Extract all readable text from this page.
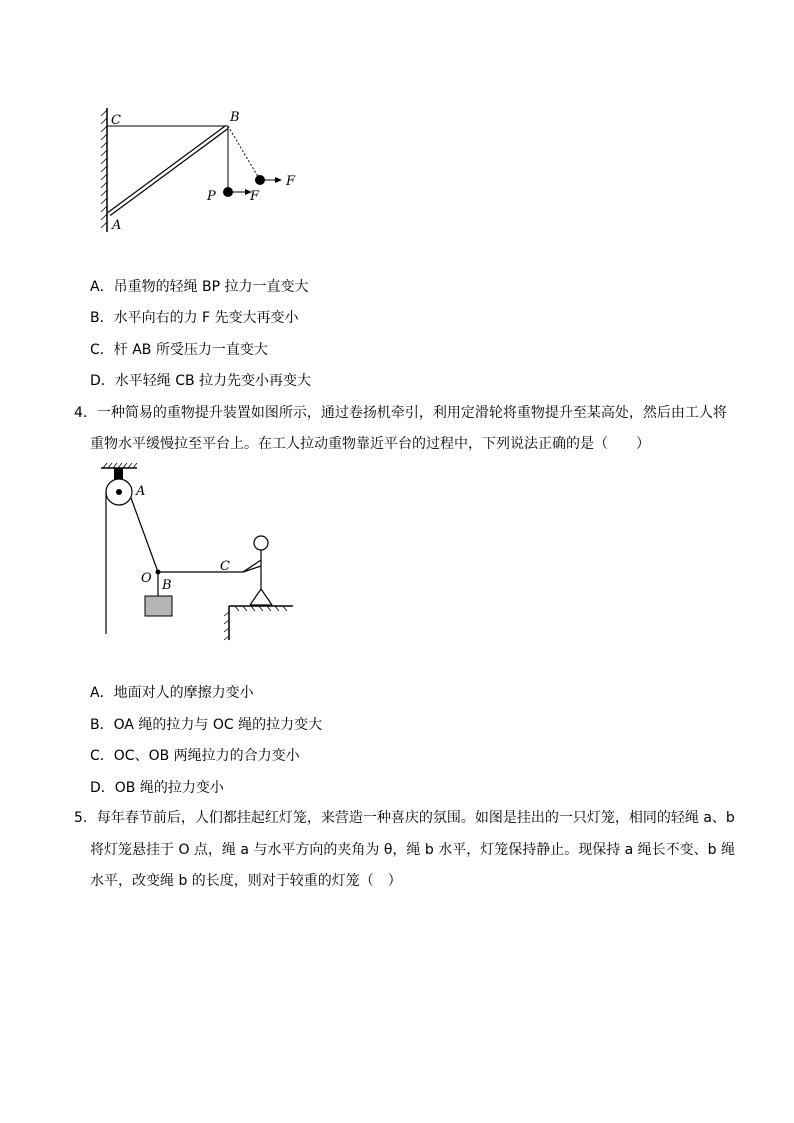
C	B
A
P	F
F
A．吊重物的轻绳 BP 拉力一直变大
B．水平向右的力 F 先变大再变小
C．杆 AB 所受压力一直变大
D．水平轻绳 CB 拉力先变小再变大
4．一种简易的重物提升装置如图所示，通过卷扬机牵引，利用定滑轮将重物提升至某高处，然后由工人将
重物水平缓慢拉至平台上。在工人拉动重物靠近平台的过程中，下列说法正确的是（　　）
A
O B
C
A．地面对人的摩擦力变小
B．OA 绳的拉力与 OC 绳的拉力变大
C．OC、OB 两绳拉力的合力变小
D．OB 绳的拉力变小
5．每年春节前后，人们都挂起红灯笼，来营造一种喜庆的氛围。如图是挂出的一只灯笼，相同的轻绳 a、b
将灯笼悬挂于 O 点，绳 a 与水平方向的夹角为 θ，绳 b 水平，灯笼保持静止。现保持 a 绳长不变、b 绳
水平，改变绳 b 的长度，则对于较重的灯笼（　）
